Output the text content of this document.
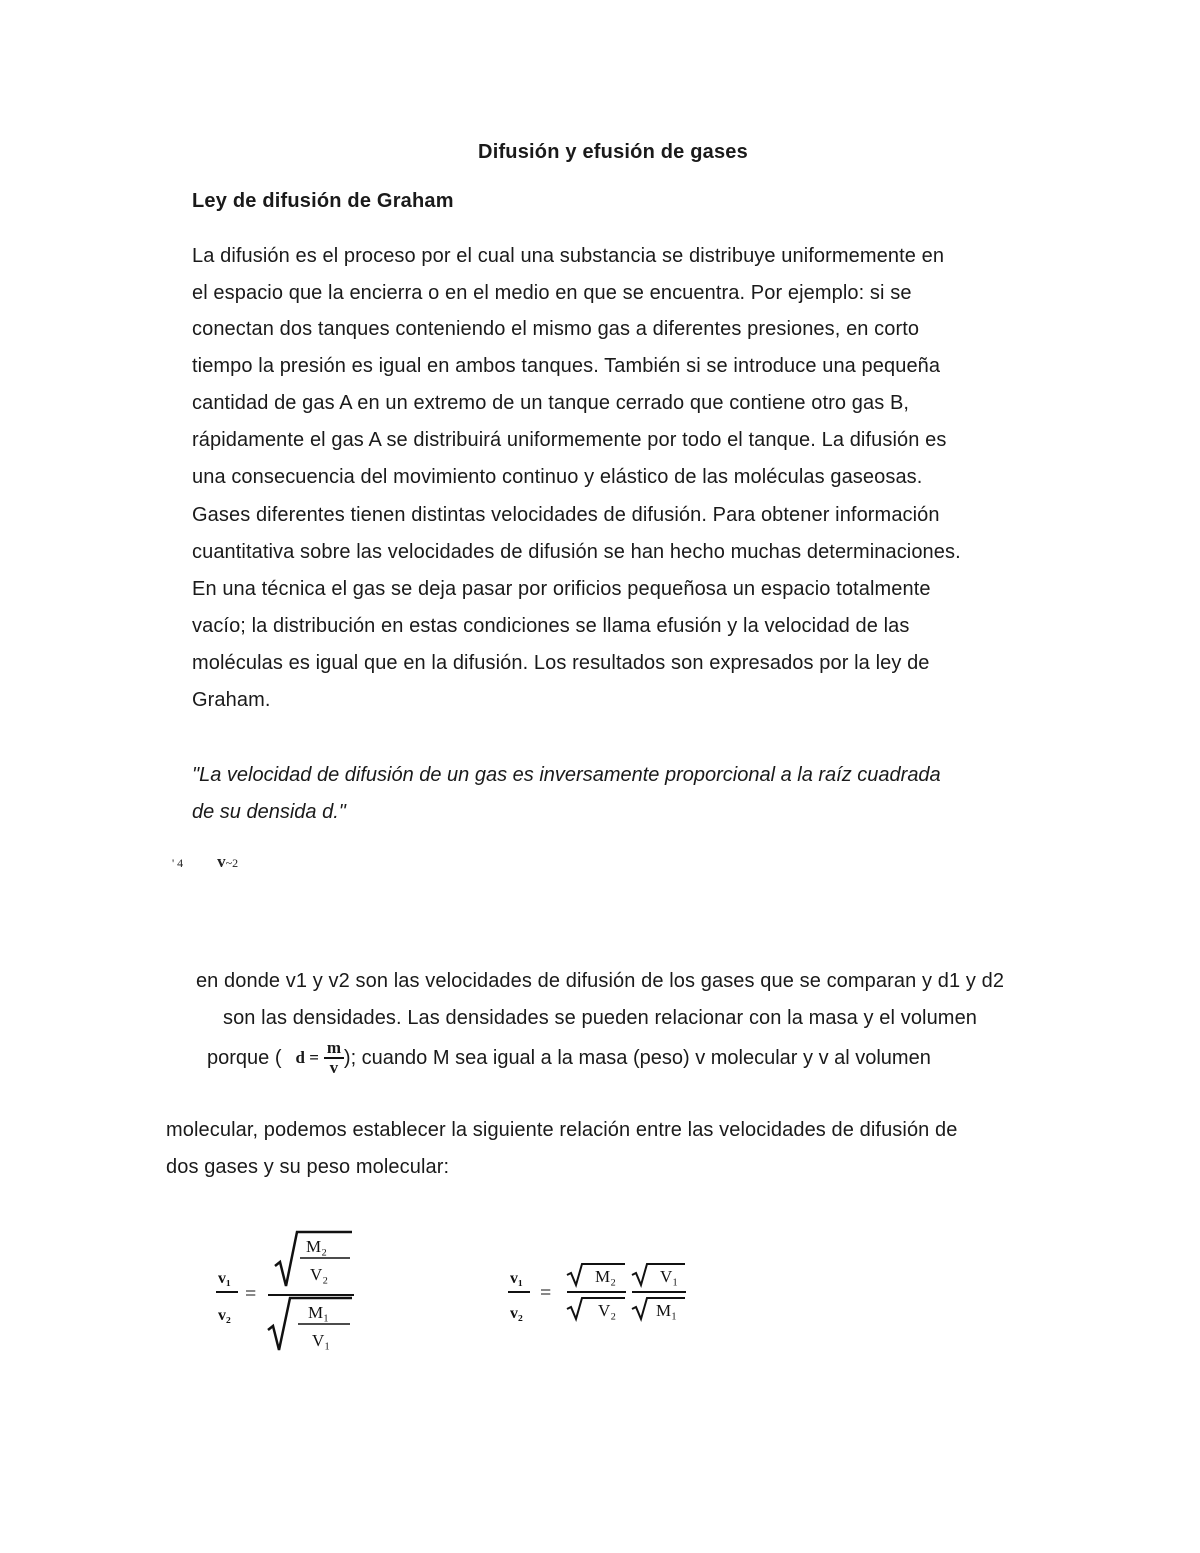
Difusión y efusión de gases
Ley de difusión de Graham
La difusión es el proceso por el cual una substancia se distribuye uniformemente en
el espacio que la encierra o en el medio en que se encuentra. Por ejemplo: si se
conectan dos tanques conteniendo el mismo gas a diferentes presiones, en corto
tiempo la presión es igual en ambos tanques. También si se introduce una pequeña
cantidad de gas A en un extremo de un tanque cerrado que contiene otro gas B,
rápidamente el gas A se distribuirá uniformemente por todo el tanque. La difusión es
una consecuencia del movimiento continuo y elástico de las moléculas gaseosas.
Gases diferentes tienen distintas velocidades de difusión. Para obtener información
cuantitativa sobre las velocidades de difusión se han hecho muchas determinaciones.
En una técnica el gas se deja pasar por orificios pequeñosa un espacio totalmente
vacío; la distribución en estas condiciones se llama efusión y la velocidad de las
moléculas es igual que en la difusión. Los resultados son expresados por la ley de
Graham.
"La velocidad de difusión de un gas es inversamente proporcional a la raíz cuadrada
de su densida d."
' 4 v~2
en donde v1 y v2 son las velocidades de difusión de los gases que se comparan y d1 y d2
son las densidades. Las densidades se pueden relacionar con la masa y el volumen
porque ( d =
m
v ); cuando M sea igual a la masa (peso) v molecular y v al volumen
molecular, podemos establecer la siguiente relación entre las velocidades de difusión de
dos gases y su peso molecular:
v₁
v₂
=
M₂
V₂
M₁
V₁
v₁
v₂
=
M₂
V₂
V₁
M₁
